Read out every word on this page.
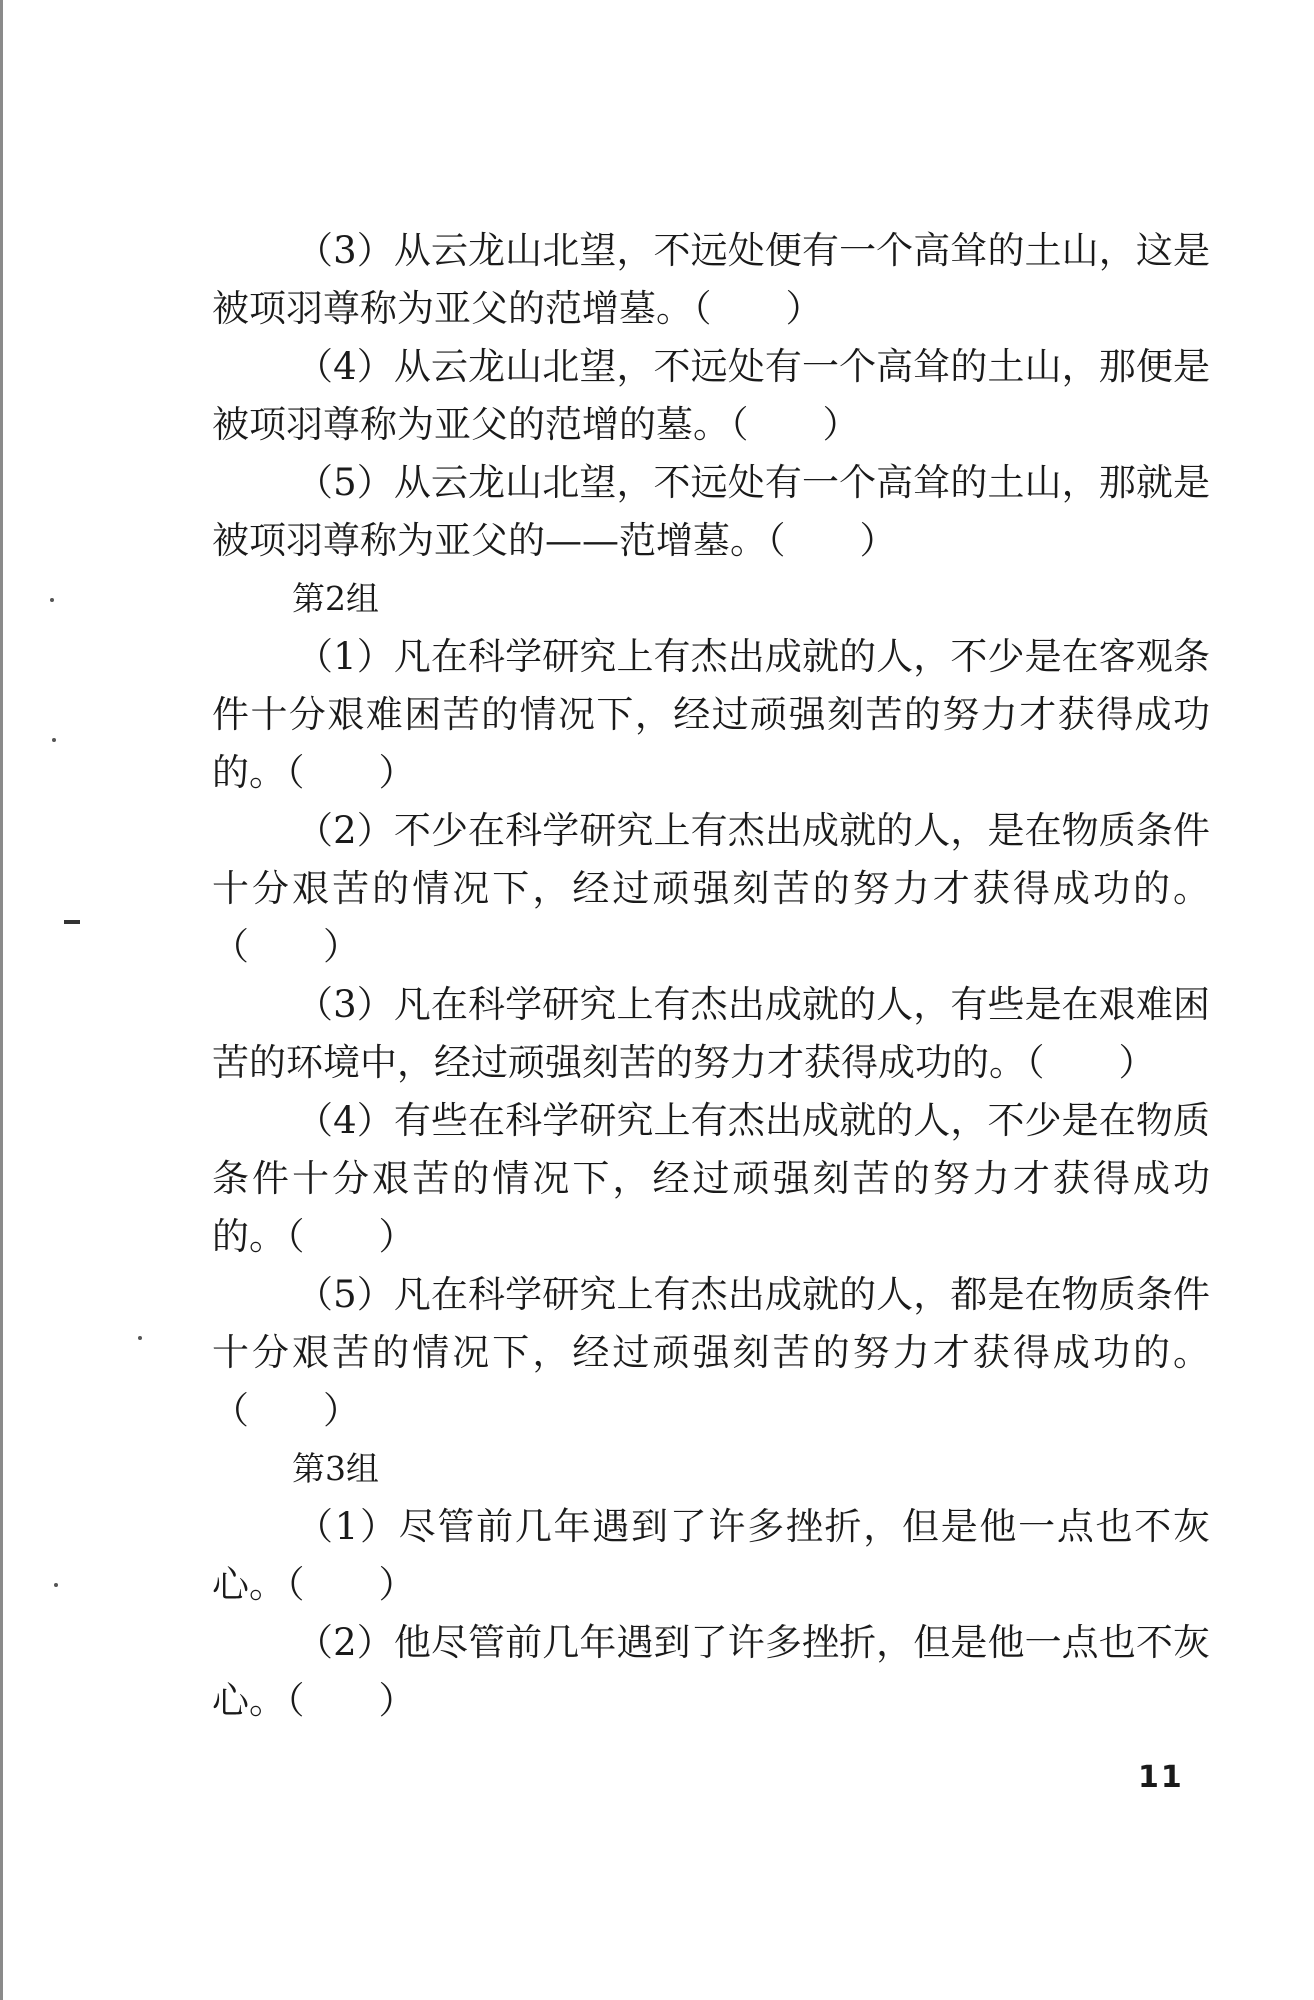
（3）从云龙山北望，不远处便有一个高耸的土山，这是被项羽尊称为亚父的范增墓。（　　）

（4）从云龙山北望，不远处有一个高耸的土山，那便是被项羽尊称为亚父的范增的墓。（　　）

（5）从云龙山北望，不远处有一个高耸的土山，那就是被项羽尊称为亚父的——范增墓。（　　）

第2组

（1）凡在科学研究上有杰出成就的人，不少是在客观条件十分艰难困苦的情况下，经过顽强刻苦的努力才获得成功的。（　　）

（2）不少在科学研究上有杰出成就的人，是在物质条件十分艰苦的情况下，经过顽强刻苦的努力才获得成功的。（　　）

（3）凡在科学研究上有杰出成就的人，有些是在艰难困苦的环境中，经过顽强刻苦的努力才获得成功的。（　　）

（4）有些在科学研究上有杰出成就的人，不少是在物质条件十分艰苦的情况下，经过顽强刻苦的努力才获得成功的。（　　）

（5）凡在科学研究上有杰出成就的人，都是在物质条件十分艰苦的情况下，经过顽强刻苦的努力才获得成功的。（　　）

第3组

（1）尽管前几年遇到了许多挫折，但是他一点也不灰心。（　　）

（2）他尽管前几年遇到了许多挫折，但是他一点也不灰心。（　　）

11
